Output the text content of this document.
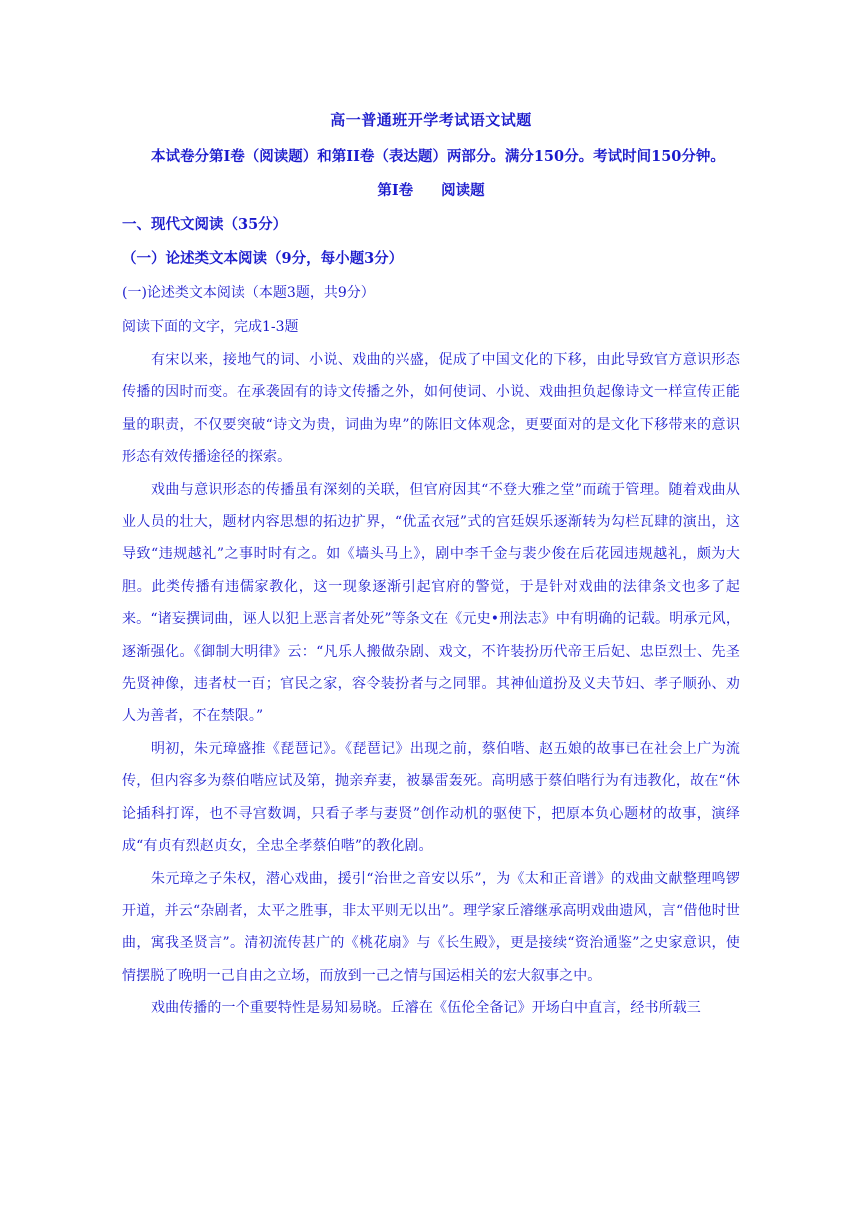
高一普通班开学考试语文试题

本试卷分第Ⅰ卷（阅读题）和第II卷（表达题）两部分。满分150分。考试时间150分钟。

第Ⅰ卷 阅读题

一、现代文阅读（35分）

（一）论述类文本阅读（9分，每小题3分）

(一)论述类文本阅读（本题3题，共9分）

阅读下面的文字，完成1-3题

有宋以来，接地气的词、小说、戏曲的兴盛，促成了中国文化的下移，由此导致官方意识形态传播的因时而变。在承袭固有的诗文传播之外，如何使词、小说、戏曲担负起像诗文一样宣传正能量的职责，不仅要突破“诗文为贵，词曲为卑”的陈旧文体观念，更要面对的是文化下移带来的意识形态有效传播途径的探索。

戏曲与意识形态的传播虽有深刻的关联，但官府因其“不登大雅之堂”而疏于管理。随着戏曲从业人员的壮大，题材内容思想的拓边扩界，“优孟衣冠”式的宫廷娱乐逐渐转为勾栏瓦肆的演出，这导致“违规越礼”之事时时有之。如《墙头马上》，剧中李千金与裴少俊在后花园违规越礼，颇为大胆。此类传播有违儒家教化，这一现象逐渐引起官府的警觉，于是针对戏曲的法律条文也多了起来。“诸妄撰词曲，诬人以犯上恶言者处死”等条文在《元史•刑法志》中有明确的记载。明承元风，逐渐强化。《御制大明律》云：“凡乐人搬做杂剧、戏文，不许装扮历代帝王后妃、忠臣烈士、先圣先贤神像，违者杖一百；官民之家，容令装扮者与之同罪。其神仙道扮及义夫节妇、孝子顺孙、劝人为善者，不在禁限。”

明初，朱元璋盛推《琵琶记》。《琵琶记》出现之前，蔡伯喈、赵五娘的故事已在社会上广为流传，但内容多为蔡伯喈应试及第，抛亲弃妻，被暴雷轰死。高明感于蔡伯喈行为有违教化，故在“休论插科打诨，也不寻宫数调，只看子孝与妻贤”创作动机的驱使下，把原本负心题材的故事，演绎成“有贞有烈赵贞女，全忠全孝蔡伯喈”的教化剧。

朱元璋之子朱权，潜心戏曲，援引“治世之音安以乐”，为《太和正音谱》的戏曲文献整理鸣锣开道，并云“杂剧者，太平之胜事，非太平则无以出”。理学家丘濬继承高明戏曲遗风，言“借他时世曲，寓我圣贤言”。清初流传甚广的《桃花扇》与《长生殿》，更是接续“资治通鉴”之史家意识，使情摆脱了晚明一己自由之立场，而放到一己之情与国运相关的宏大叙事之中。

戏曲传播的一个重要特性是易知易晓。丘濬在《伍伦全备记》开场白中直言，经书所载三
